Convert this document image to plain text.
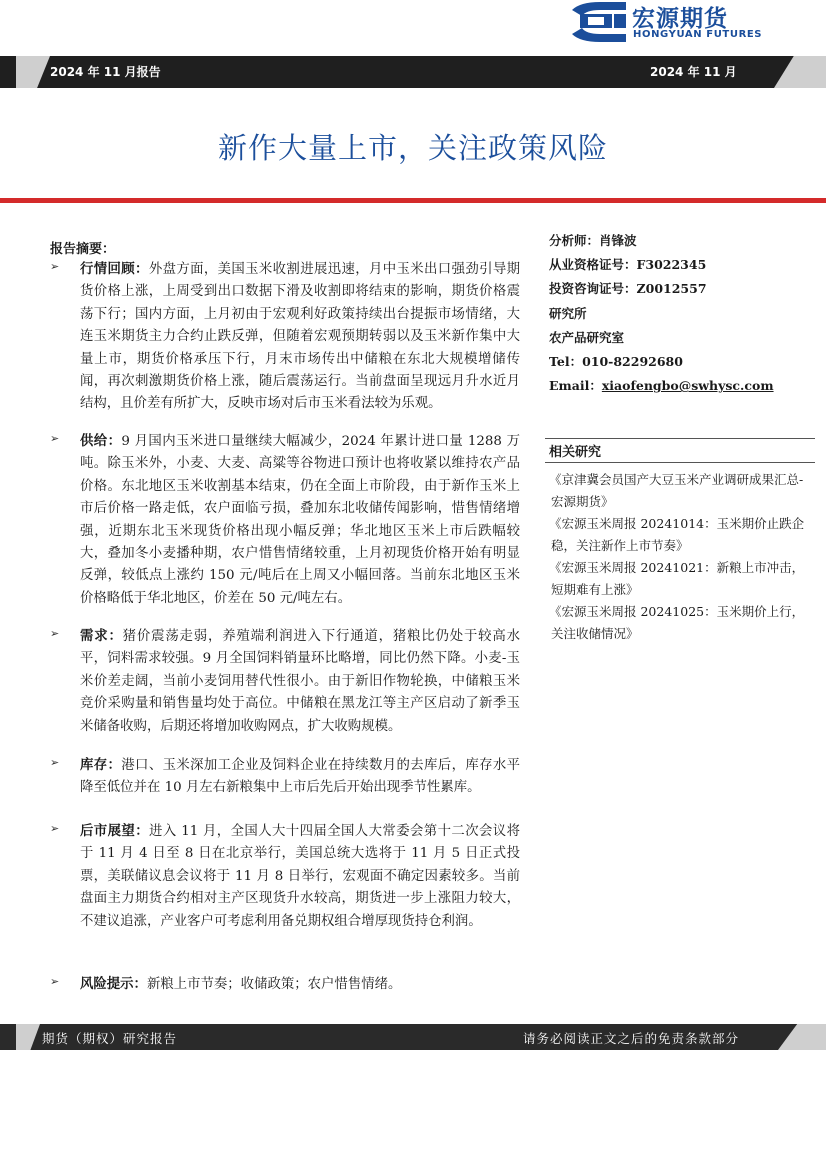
宏源期货
HONGYUAN FUTURES
2024 年 11 月报告	2024 年 11 月
新作大量上市，关注政策风险
报告摘要：
➢ 行情回顾：外盘方面，美国玉米收割进展迅速，月中玉米出口强劲引导期货价格上涨，上周受到出口数据下滑及收割即将结束的影响，期货价格震荡下行；国内方面，上月初由于宏观利好政策持续出台提振市场情绪，大连玉米期货主力合约止跌反弹，但随着宏观预期转弱以及玉米新作集中大量上市，期货价格承压下行，月末市场传出中储粮在东北大规模增储传闻，再次刺激期货价格上涨，随后震荡运行。当前盘面呈现远月升水近月结构，且价差有所扩大，反映市场对后市玉米看法较为乐观。
➢ 供给：9 月国内玉米进口量继续大幅减少，2024 年累计进口量 1288 万吨。除玉米外，小麦、大麦、高粱等谷物进口预计也将收紧以维持农产品价格。东北地区玉米收割基本结束，仍在全面上市阶段，由于新作玉米上市后价格一路走低，农户面临亏损，叠加东北收储传闻影响，惜售情绪增强，近期东北玉米现货价格出现小幅反弹；华北地区玉米上市后跌幅较大，叠加冬小麦播种期，农户惜售情绪较重，上月初现货价格开始有明显反弹，较低点上涨约 150 元/吨后在上周又小幅回落。当前东北地区玉米价格略低于华北地区，价差在 50 元/吨左右。
➢ 需求：猪价震荡走弱，养殖端利润进入下行通道，猪粮比仍处于较高水平，饲料需求较强。9 月全国饲料销量环比略增，同比仍然下降。小麦-玉米价差走阔，当前小麦饲用替代性很小。由于新旧作物轮换，中储粮玉米竞价采购量和销售量均处于高位。中储粮在黑龙江等主产区启动了新季玉米储备收购，后期还将增加收购网点，扩大收购规模。
➢ 库存：港口、玉米深加工企业及饲料企业在持续数月的去库后，库存水平降至低位并在 10 月左右新粮集中上市后先后开始出现季节性累库。
➢ 后市展望：进入 11 月，全国人大十四届全国人大常委会第十二次会议将于 11 月 4 日至 8 日在北京举行，美国总统大选将于 11 月 5 日正式投票，美联储议息会议将于 11 月 8 日举行，宏观面不确定因素较多。当前盘面主力期货合约相对主产区现货升水较高，期货进一步上涨阻力较大，不建议追涨，产业客户可考虑利用备兑期权组合增厚现货持仓利润。
➢ 风险提示：新粮上市节奏；收储政策；农户惜售情绪。
分析师：肖锋波
从业资格证号：F3022345
投资咨询证号：Z0012557
研究所
农产品研究室
Tel：010-82292680
Email：xiaofengbo@swhysc.com
相关研究
《京津冀会员国产大豆玉米产业调研成果汇总-宏源期货》
《宏源玉米周报 20241014：玉米期价止跌企稳，关注新作上市节奏》
《宏源玉米周报 20241021：新粮上市冲击，短期难有上涨》
《宏源玉米周报 20241025：玉米期价上行，关注收储情况》
期货（期权）研究报告	请务必阅读正文之后的免责条款部分
